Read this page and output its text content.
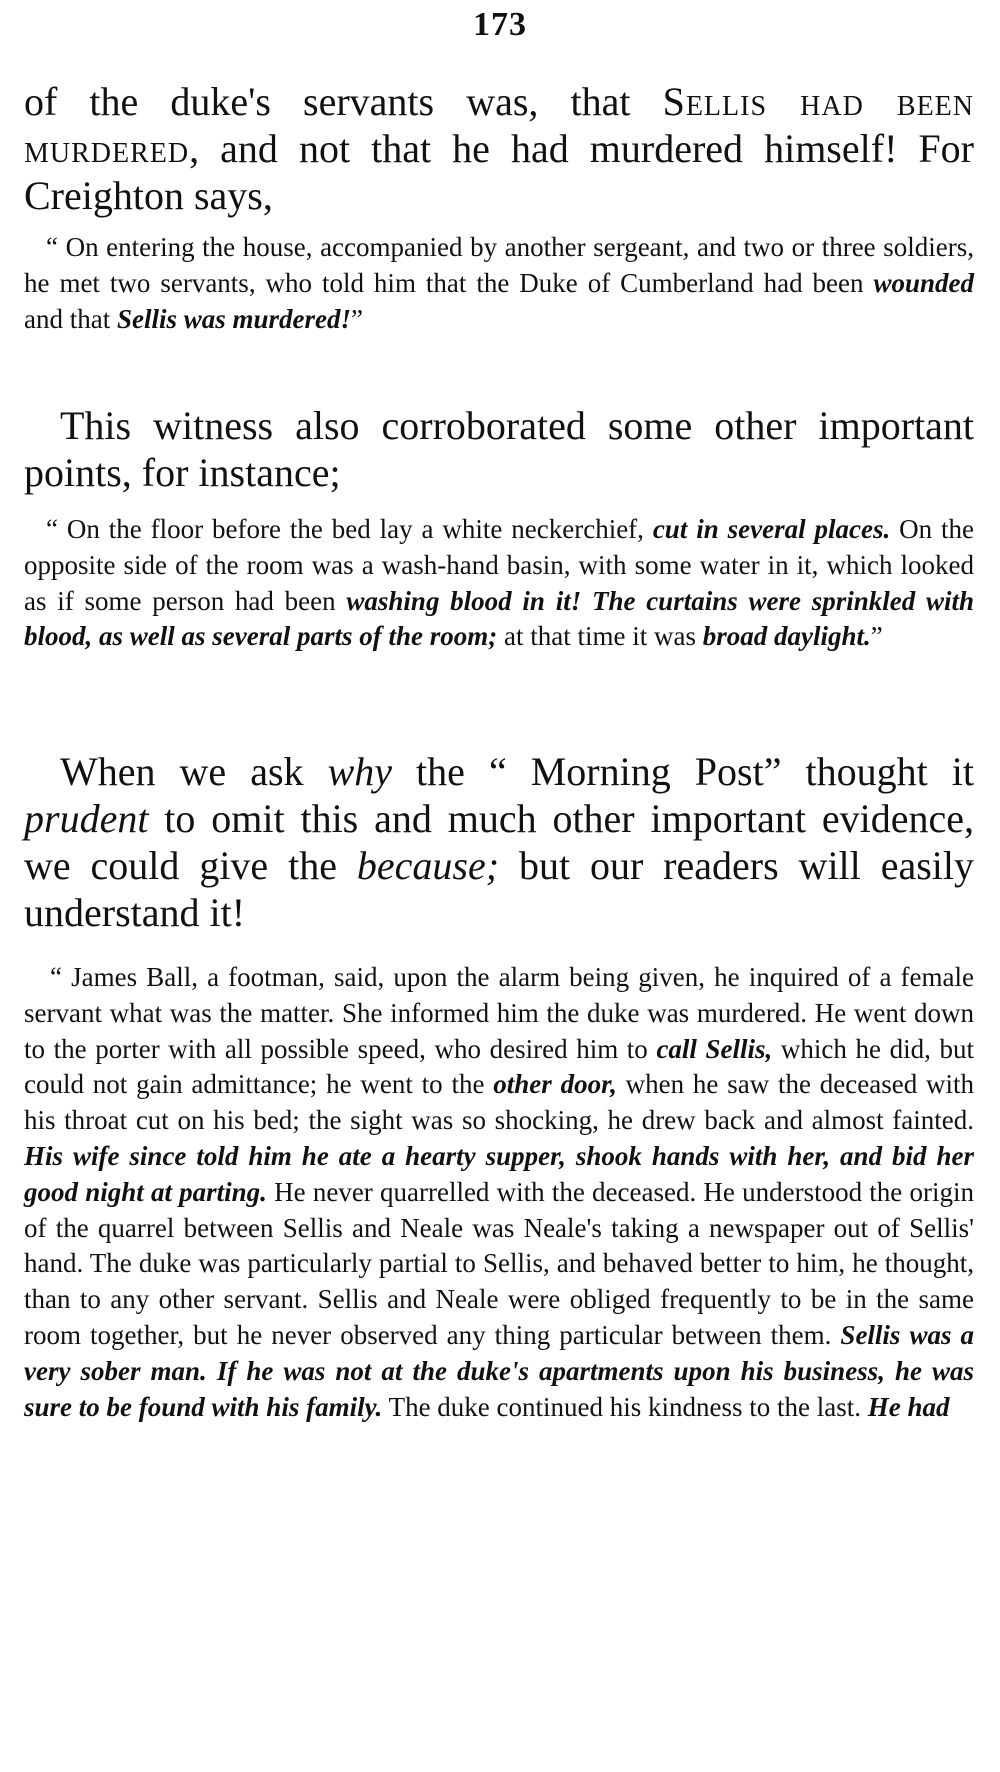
173

of the duke's servants was, that Sellis had been murdered, and not that he had murdered himself! For Creighton says,

“ On entering the house, accompanied by another sergeant, and two or three soldiers, he met two servants, who told him that the Duke of Cumberland had been wounded and that Sellis was murdered!”

This witness also corroborated some other important points, for instance;

“ On the floor before the bed lay a white neckerchief, cut in several places. On the opposite side of the room was a wash-hand basin, with some water in it, which looked as if some person had been washing blood in it! The curtains were sprinkled with blood, as well as several parts of the room; at that time it was broad daylight.”

When we ask why the “ Morning Post” thought it prudent to omit this and much other important evidence, we could give the because; but our readers will easily understand it!

“ James Ball, a footman, said, upon the alarm being given, he inquired of a female servant what was the matter. She informed him the duke was murdered. He went down to the porter with all possible speed, who desired him to call Sellis, which he did, but could not gain admittance; he went to the other door, when he saw the deceased with his throat cut on his bed; the sight was so shocking, he drew back and almost fainted. His wife since told him he ate a hearty supper, shook hands with her, and bid her good night at parting. He never quarrelled with the deceased. He understood the origin of the quarrel between Sellis and Neale was Neale's taking a newspaper out of Sellis' hand. The duke was particularly partial to Sellis, and behaved better to him, he thought, than to any other servant. Sellis and Neale were obliged frequently to be in the same room together, but he never observed any thing particular between them. Sellis was a very sober man. If he was not at the duke's apartments upon his business, he was sure to be found with his family. The duke continued his kindness to the last. He had
